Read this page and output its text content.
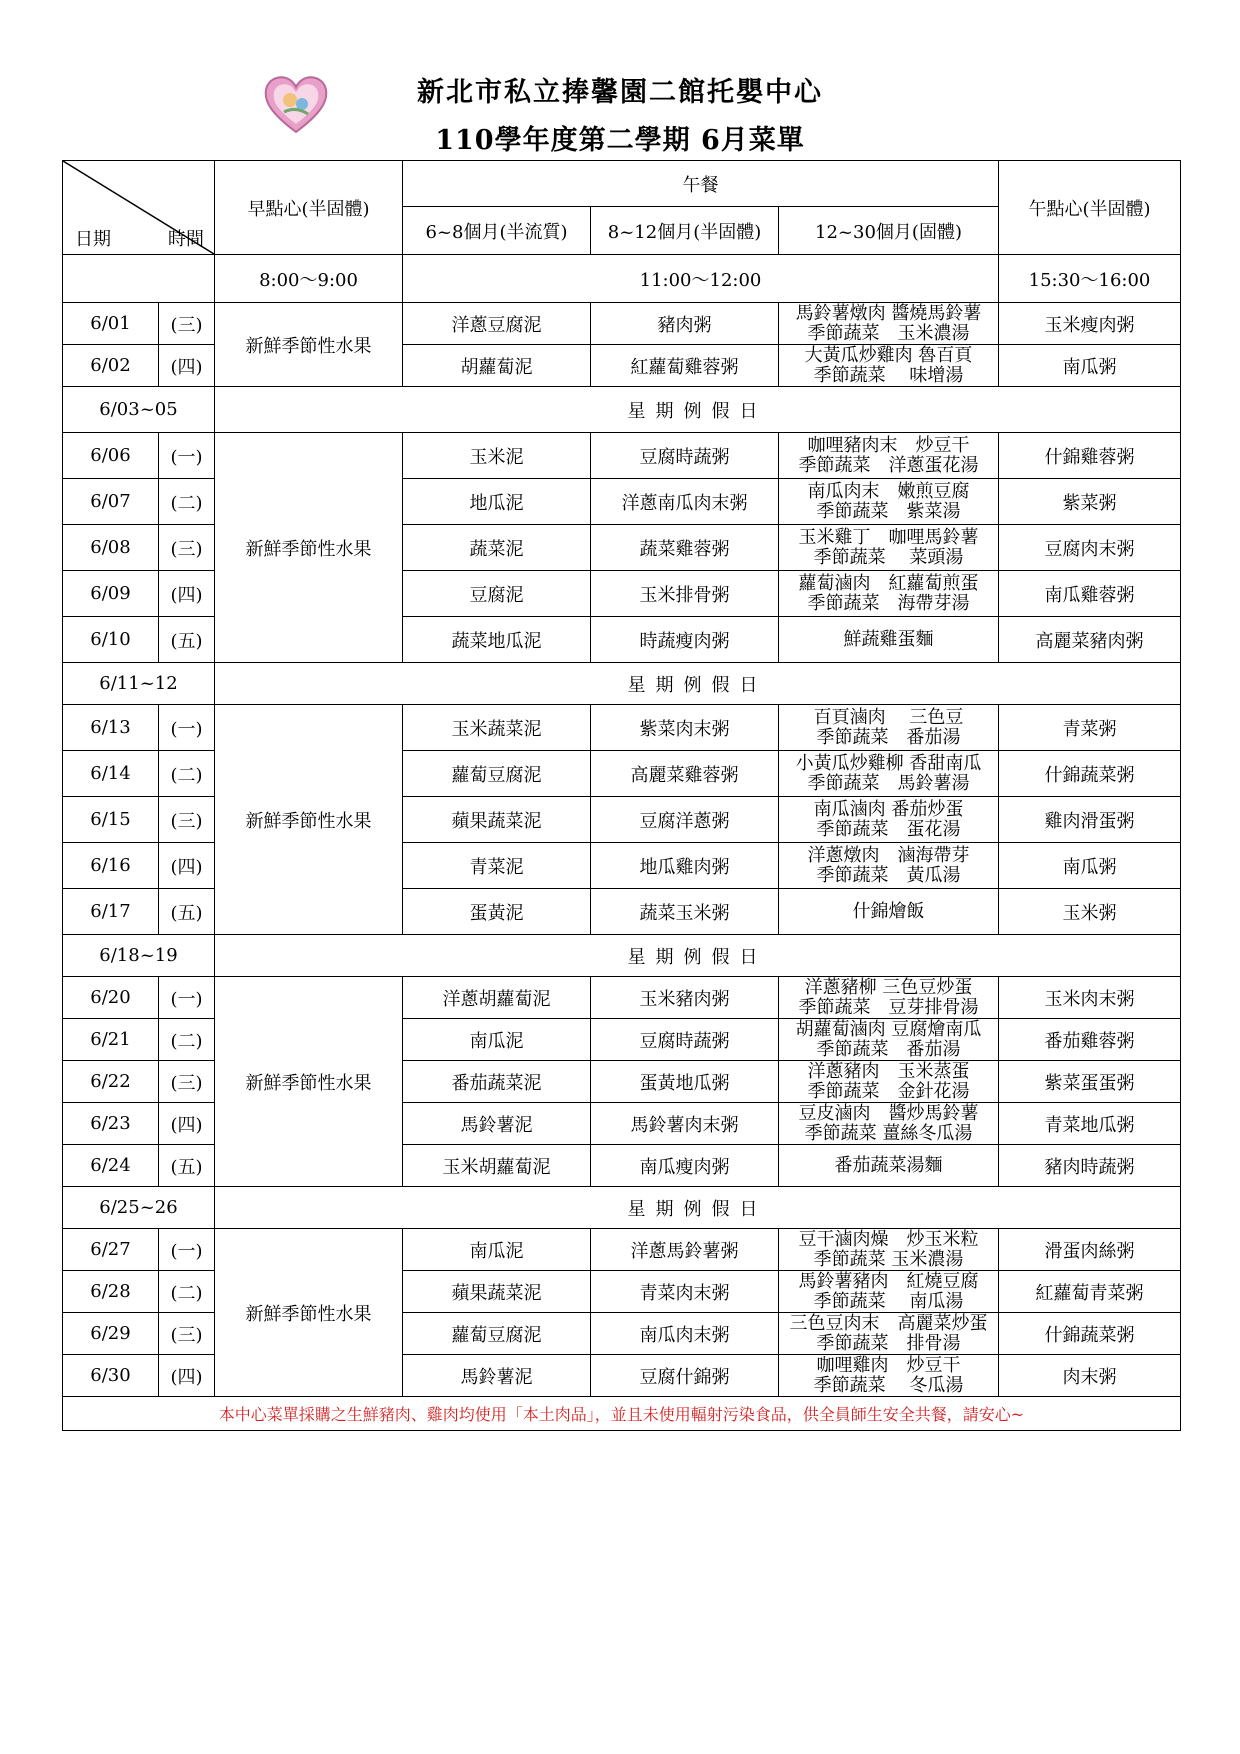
新北市私立捧馨園二館托嬰中心
110學年度第二學期 6月菜單
日期 時間		早點心(半固體)	午餐			午點心(半固體)
			6~8個月(半流質)	8~12個月(半固體)	12~30個月(固體)	
		8:00～9:00	11:00～12:00			15:30～16:00
6/01	(三)	新鮮季節性水果	洋蔥豆腐泥	豬肉粥	馬鈴薯燉肉 醬燒馬鈴薯
季節蔬菜　玉米濃湯	玉米瘦肉粥
6/02	(四)		胡蘿蔔泥	紅蘿蔔雞蓉粥	大黃瓜炒雞肉 魯百頁
季節蔬菜　 味增湯	南瓜粥
6/03~05		星期例假日				
6/06	(一)	新鮮季節性水果	玉米泥	豆腐時蔬粥	咖哩豬肉末　炒豆干
季節蔬菜　洋蔥蛋花湯	什錦雞蓉粥
6/07	(二)		地瓜泥	洋蔥南瓜肉末粥	南瓜肉末　嫩煎豆腐
季節蔬菜　紫菜湯	紫菜粥
6/08	(三)		蔬菜泥	蔬菜雞蓉粥	玉米雞丁　咖哩馬鈴薯
季節蔬菜　 菜頭湯	豆腐肉末粥
6/09	(四)		豆腐泥	玉米排骨粥	蘿蔔滷肉　紅蘿蔔煎蛋
季節蔬菜　海帶芽湯	南瓜雞蓉粥
6/10	(五)		蔬菜地瓜泥	時蔬瘦肉粥	鮮蔬雞蛋麵	高麗菜豬肉粥
6/11~12		星期例假日				
6/13	(一)	新鮮季節性水果	玉米蔬菜泥	紫菜肉末粥	百頁滷肉　 三色豆
季節蔬菜　番茄湯	青菜粥
6/14	(二)		蘿蔔豆腐泥	高麗菜雞蓉粥	小黃瓜炒雞柳 香甜南瓜
季節蔬菜　馬鈴薯湯	什錦蔬菜粥
6/15	(三)		蘋果蔬菜泥	豆腐洋蔥粥	南瓜滷肉 番茄炒蛋
季節蔬菜　蛋花湯	雞肉滑蛋粥
6/16	(四)		青菜泥	地瓜雞肉粥	洋蔥燉肉　滷海帶芽
季節蔬菜　黃瓜湯	南瓜粥
6/17	(五)		蛋黃泥	蔬菜玉米粥	什錦燴飯	玉米粥
6/18~19		星期例假日				
6/20	(一)	新鮮季節性水果	洋蔥胡蘿蔔泥	玉米豬肉粥	洋蔥豬柳 三色豆炒蛋
季節蔬菜　豆芽排骨湯	玉米肉末粥
6/21	(二)		南瓜泥	豆腐時蔬粥	胡蘿蔔滷肉 豆腐燴南瓜
季節蔬菜　番茄湯	番茄雞蓉粥
6/22	(三)		番茄蔬菜泥	蛋黃地瓜粥	洋蔥豬肉　玉米蒸蛋
季節蔬菜　金針花湯	紫菜蛋蛋粥
6/23	(四)		馬鈴薯泥	馬鈴薯肉末粥	豆皮滷肉　醬炒馬鈴薯
季節蔬菜 薑絲冬瓜湯	青菜地瓜粥
6/24	(五)		玉米胡蘿蔔泥	南瓜瘦肉粥	番茄蔬菜湯麵	豬肉時蔬粥
6/25~26		星期例假日				
6/27	(一)	新鮮季節性水果	南瓜泥	洋蔥馬鈴薯粥	豆干滷肉燥　炒玉米粒
季節蔬菜 玉米濃湯	滑蛋肉絲粥
6/28	(二)		蘋果蔬菜泥	青菜肉末粥	馬鈴薯豬肉　紅燒豆腐
季節蔬菜　 南瓜湯	紅蘿蔔青菜粥
6/29	(三)		蘿蔔豆腐泥	南瓜肉末粥	三色豆肉末　高麗菜炒蛋
季節蔬菜　排骨湯	什錦蔬菜粥
6/30	(四)		馬鈴薯泥	豆腐什錦粥	咖哩雞肉　炒豆干
季節蔬菜　 冬瓜湯	肉末粥
本中心菜單採購之生鮮豬肉、雞肉均使用「本土肉品」，並且未使用輻射污染食品，供全員師生安全共餐，請安心~						
